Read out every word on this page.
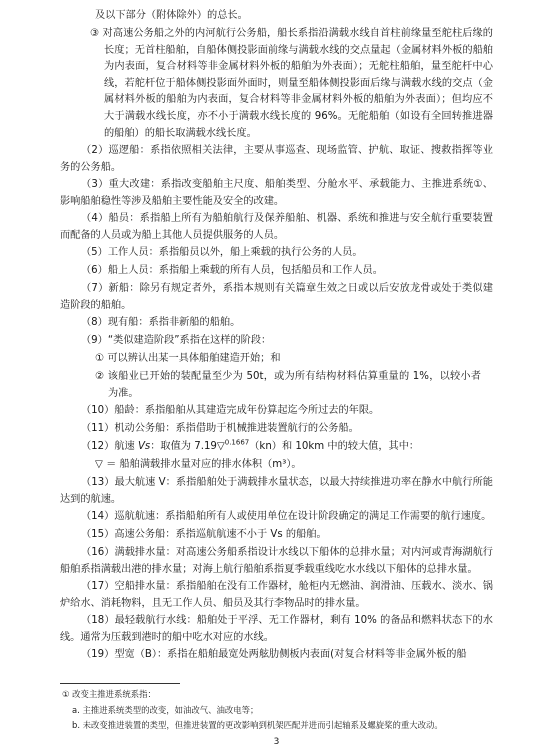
及以下部分（附体除外）的总长。

③ 对高速公务船之外的内河航行公务船，船长系指沿满载水线自首柱前缘量至舵柱后缘的长度；无首柱船舶，自船体侧投影面前缘与满载水线的交点量起（金属材料外板的船舶为内表面，复合材料等非金属材料外板的船舶为外表面）；无舵柱船舶，量至舵杆中心线，若舵杆位于船体侧投影面外面时，则量至船体侧投影面后缘与满载水线的交点（金属材料外板的船舶为内表面，复合材料等非金属材料外板的船舶为外表面）；但均应不大于满载水线长度，亦不小于满载水线长度的 96%。无舵船舶（如设有全回转推进器的船舶）的船长取满载水线长度。

（2）巡逻船：系指依照相关法律，主要从事巡查、现场监管、护航、取证、搜救指挥等业务的公务船。

（3）重大改建：系指改变船舶主尺度、船舶类型、分舱水平、承载能力、主推进系统①、影响船舶稳性等涉及船舶主要性能及安全的改建。

（4）船员：系指船上所有为船舶航行及保养船舶、机器、系统和推进与安全航行重要装置而配备的人员或为船上其他人员提供服务的人员。

（5）工作人员：系指船员以外，船上乘载的执行公务的人员。

（6）船上人员：系指船上乘载的所有人员，包括船员和工作人员。

（7）新船：除另有规定者外，系指本规则有关篇章生效之日或以后安放龙骨或处于类似建造阶段的船舶。

（8）现有船：系指非新船的船舶。

（9）“类似建造阶段”系指在这样的阶段：

① 可以辨认出某一具体船舶建造开始；和

② 该船业已开始的装配量至少为 50t，或为所有结构材料估算重量的 1%，以较小者为准。

（10）船龄：系指船舶从其建造完成年份算起迄今所过去的年限。

（11）机动公务船：系指借助于机械推进装置航行的公务船。

（12）航速 Vs：取值为 7.19▽$^{0.1667}$（kn）和 10km 中的较大值，其中：

▽ ＝ 船舶满载排水量对应的排水体积（m³）。

（13）最大航速 V：系指船舶处于满载排水量状态，以最大持续推进功率在静水中航行所能达到的航速。

（14）巡航航速：系指船舶所有人或使用单位在设计阶段确定的满足工作需要的航行速度。

（15）高速公务船：系指巡航航速不小于 Vs 的船舶。

（16）满载排水量：对高速公务船系指设计水线以下船体的总排水量；对内河或青海湖航行船舶系指满载出港的排水量；对海上航行船舶系指夏季载重线吃水水线以下船体的总排水量。

① 改变主推进系统系指：

a. 主推进系统类型的改变，如油改气、油改电等；

b. 未改变推进装置的类型，但推进装置的更改影响到机架匹配并进而引起轴系及螺旋桨的重大改动。

3

（17）空船排水量：系指船舶在没有工作器材，舱柜内无燃油、润滑油、压载水、淡水、锅炉给水、消耗物料，且无工作人员、船员及其行李物品时的排水量。

（18）最轻载航行水线：船舶处于平浮、无工作器材，剩有 10% 的备品和燃料状态下的水线。通常为压载到港时的船中吃水对应的水线。

（19）型宽（B）：系指在船舶最宽处两舷肋侧板内表面(对复合材料等非金属外板的船
